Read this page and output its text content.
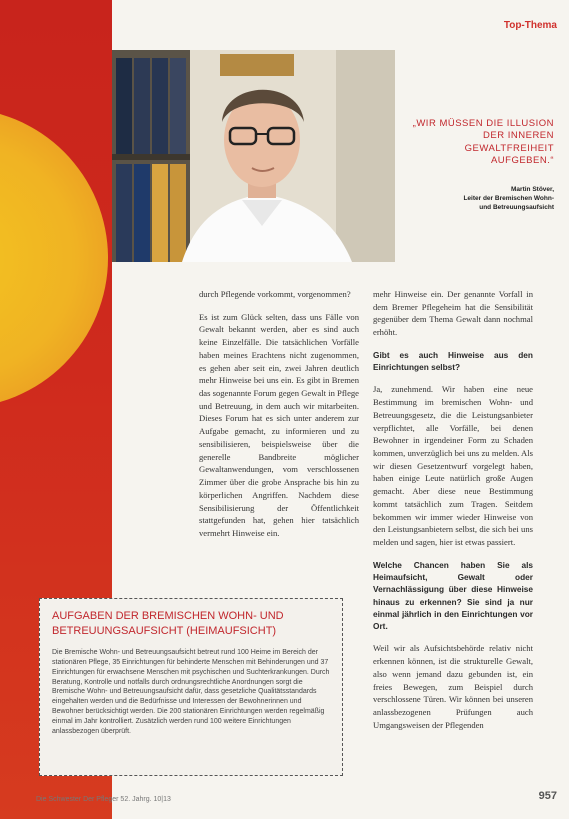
Top-Thema

„WIR MÜSSEN DIE ILLUSION DER INNEREN GEWALTFREIHEIT AUFGEBEN.“

Martin Stöver,
Leiter der Bremischen Wohn-
und Betreuungsaufsicht

durch Pflegende vorkommt, vorgenommen?

Es ist zum Glück selten, dass uns Fälle von Gewalt bekannt werden, aber es sind auch keine Einzelfälle. Die tatsächlichen Vorfälle haben meines Erachtens nicht zugenommen, es gehen aber seit ein, zwei Jahren deutlich mehr Hinweise bei uns ein. Es gibt in Bremen das sogenannte Forum gegen Gewalt in Pflege und Betreuung, in dem auch wir mitarbeiten. Dieses Forum hat es sich unter anderem zur Aufgabe gemacht, zu informieren und zu sensibilisieren, beispielsweise über die generelle Bandbreite möglicher Gewaltanwendungen, vom verschlossenen Zimmer über die grobe Ansprache bis hin zu körperlichen Angriffen. Nachdem diese Sensibilisierung der Öffentlichkeit stattgefunden hat, gehen hier tatsächlich vermehrt Hinweise ein.

mehr Hinweise ein. Der genannte Vorfall in dem Bremer Pflegeheim hat die Sensibilität gegenüber dem Thema Gewalt dann nochmal erhöht.

Gibt es auch Hinweise aus den Einrichtungen selbst?

Ja, zunehmend. Wir haben eine neue Bestimmung im bremischen Wohn- und Betreuungsgesetz, die die Leistungsanbieter verpflichtet, alle Vorfälle, bei denen Bewohner in irgendeiner Form zu Schaden kommen, unverzüglich bei uns zu melden. Als wir diesen Gesetzentwurf vorgelegt haben, haben einige Leute natürlich große Augen gemacht. Aber diese neue Bestimmung kommt tatsächlich zum Tragen. Seitdem bekommen wir immer wieder Hinweise von den Leistungsanbietern selbst, die sich bei uns melden und sagen, hier ist etwas passiert.

Welche Chancen haben Sie als Heimaufsicht, Gewalt oder Vernachlässigung über diese Hinweise hinaus zu erkennen? Sie sind ja nur einmal jährlich in den Einrichtungen vor Ort.

Weil wir als Aufsichtsbehörde relativ nicht erkennen können, ist die strukturelle Gewalt, also wenn jemand dazu gebunden ist, ein freies Bewegen, zum Beispiel durch verschlossene Türen. Wir können bei unseren anlassbezogenen Prüfungen auch Umgangsweisen der Pflegenden

AUFGABEN DER BREMISCHEN WOHN- UND BETREUUNGSAUFSICHT (HEIMAUFSICHT)

Die Bremische Wohn- und Betreuungsaufsicht betreut rund 100 Heime im Bereich der stationären Pflege, 35 Einrichtungen für behinderte Menschen mit Behinderungen und 37 Einrichtungen für erwachsene Menschen mit psychischen und Suchterkrankungen. Durch Beratung, Kontrolle und notfalls durch ordnungsrechtliche Anordnungen sorgt die Bremische Wohn- und Betreuungsaufsicht dafür, dass gesetzliche Qualitätsstandards eingehalten werden und die Bedürfnisse und Interessen der Bewohnerinnen und Bewohner berücksichtigt werden. Die 200 stationären Einrichtungen werden regelmäßig einmal im Jahr kontrolliert. Zusätzlich werden rund 100 weitere Einrichtungen anlassbezogen überprüft.

Die Schwester Der Pfleger 52. Jahrg. 10|13	957
